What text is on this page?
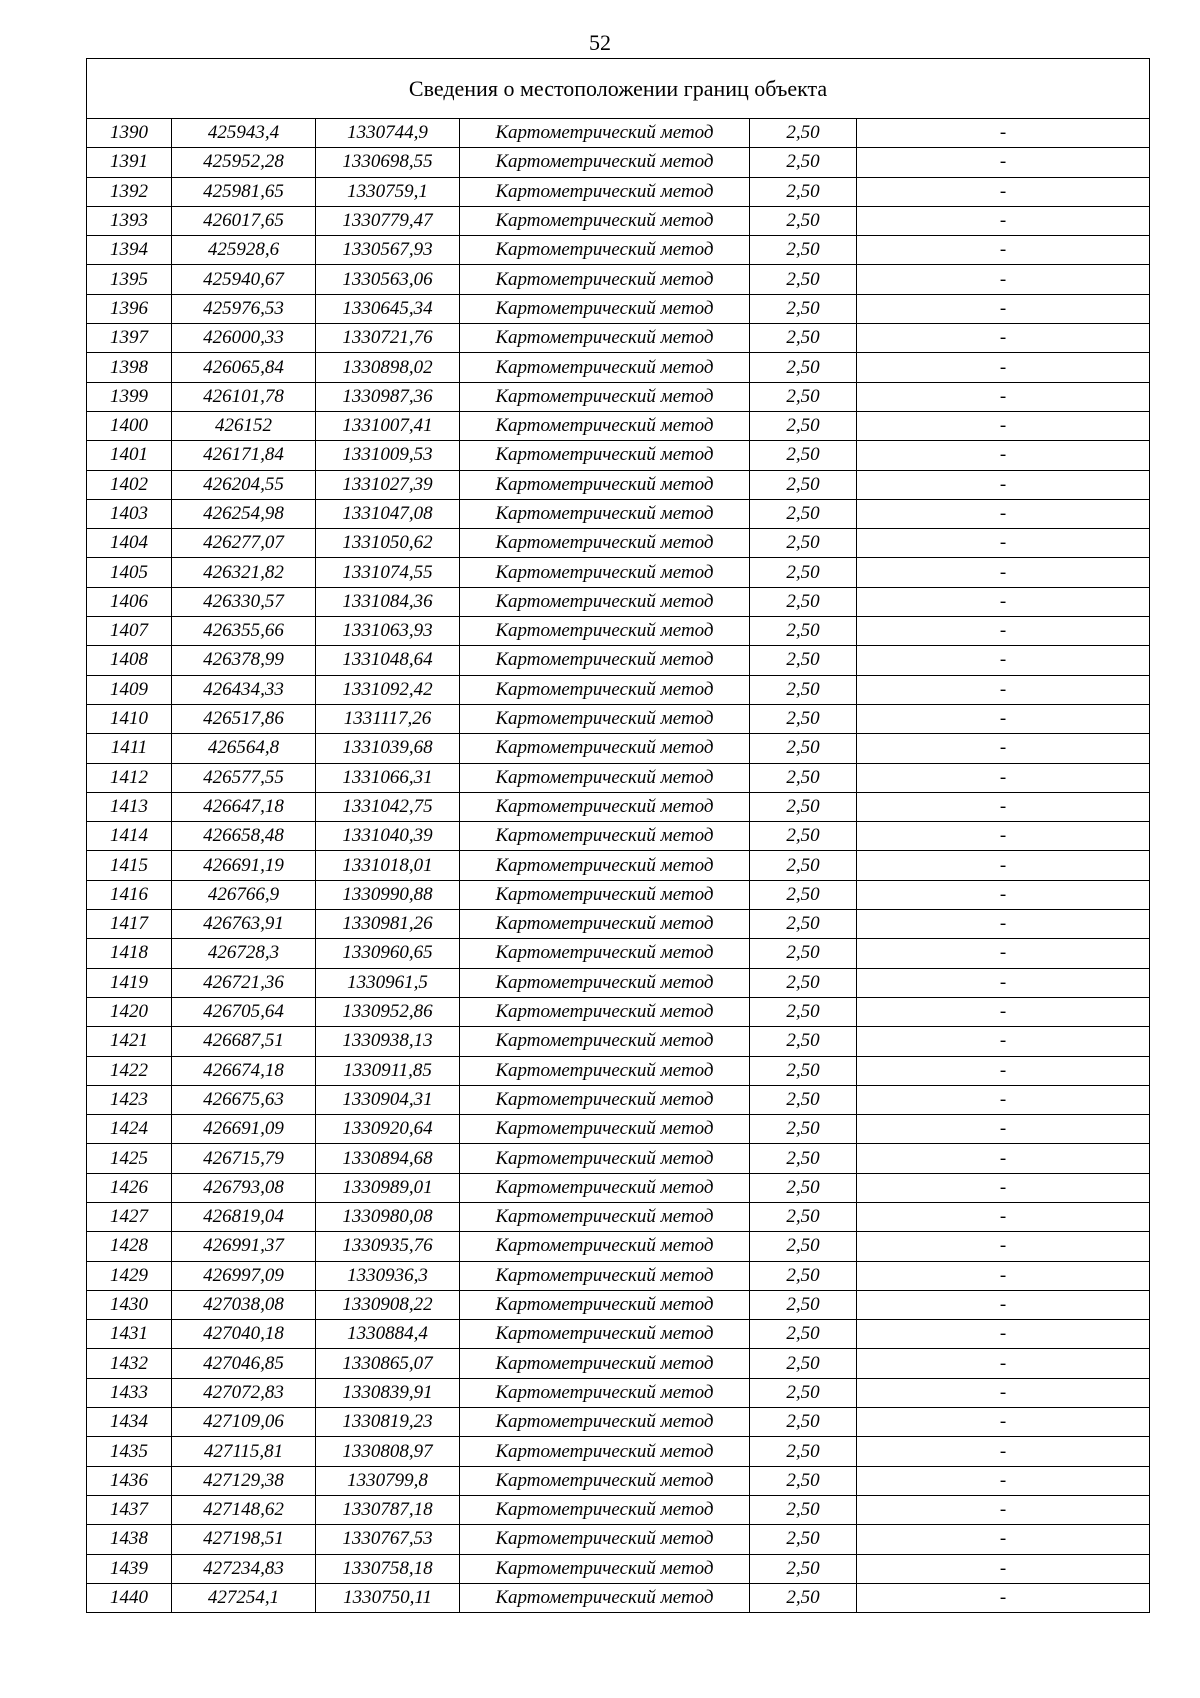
52
Сведения о местоположении границ объекта					
1390	425943,4	1330744,9	Картометрический метод	2,50	-
1391	425952,28	1330698,55	Картометрический метод	2,50	-
1392	425981,65	1330759,1	Картометрический метод	2,50	-
1393	426017,65	1330779,47	Картометрический метод	2,50	-
1394	425928,6	1330567,93	Картометрический метод	2,50	-
1395	425940,67	1330563,06	Картометрический метод	2,50	-
1396	425976,53	1330645,34	Картометрический метод	2,50	-
1397	426000,33	1330721,76	Картометрический метод	2,50	-
1398	426065,84	1330898,02	Картометрический метод	2,50	-
1399	426101,78	1330987,36	Картометрический метод	2,50	-
1400	426152	1331007,41	Картометрический метод	2,50	-
1401	426171,84	1331009,53	Картометрический метод	2,50	-
1402	426204,55	1331027,39	Картометрический метод	2,50	-
1403	426254,98	1331047,08	Картометрический метод	2,50	-
1404	426277,07	1331050,62	Картометрический метод	2,50	-
1405	426321,82	1331074,55	Картометрический метод	2,50	-
1406	426330,57	1331084,36	Картометрический метод	2,50	-
1407	426355,66	1331063,93	Картометрический метод	2,50	-
1408	426378,99	1331048,64	Картометрический метод	2,50	-
1409	426434,33	1331092,42	Картометрический метод	2,50	-
1410	426517,86	1331117,26	Картометрический метод	2,50	-
1411	426564,8	1331039,68	Картометрический метод	2,50	-
1412	426577,55	1331066,31	Картометрический метод	2,50	-
1413	426647,18	1331042,75	Картометрический метод	2,50	-
1414	426658,48	1331040,39	Картометрический метод	2,50	-
1415	426691,19	1331018,01	Картометрический метод	2,50	-
1416	426766,9	1330990,88	Картометрический метод	2,50	-
1417	426763,91	1330981,26	Картометрический метод	2,50	-
1418	426728,3	1330960,65	Картометрический метод	2,50	-
1419	426721,36	1330961,5	Картометрический метод	2,50	-
1420	426705,64	1330952,86	Картометрический метод	2,50	-
1421	426687,51	1330938,13	Картометрический метод	2,50	-
1422	426674,18	1330911,85	Картометрический метод	2,50	-
1423	426675,63	1330904,31	Картометрический метод	2,50	-
1424	426691,09	1330920,64	Картометрический метод	2,50	-
1425	426715,79	1330894,68	Картометрический метод	2,50	-
1426	426793,08	1330989,01	Картометрический метод	2,50	-
1427	426819,04	1330980,08	Картометрический метод	2,50	-
1428	426991,37	1330935,76	Картометрический метод	2,50	-
1429	426997,09	1330936,3	Картометрический метод	2,50	-
1430	427038,08	1330908,22	Картометрический метод	2,50	-
1431	427040,18	1330884,4	Картометрический метод	2,50	-
1432	427046,85	1330865,07	Картометрический метод	2,50	-
1433	427072,83	1330839,91	Картометрический метод	2,50	-
1434	427109,06	1330819,23	Картометрический метод	2,50	-
1435	427115,81	1330808,97	Картометрический метод	2,50	-
1436	427129,38	1330799,8	Картометрический метод	2,50	-
1437	427148,62	1330787,18	Картометрический метод	2,50	-
1438	427198,51	1330767,53	Картометрический метод	2,50	-
1439	427234,83	1330758,18	Картометрический метод	2,50	-
1440	427254,1	1330750,11	Картометрический метод	2,50	-
